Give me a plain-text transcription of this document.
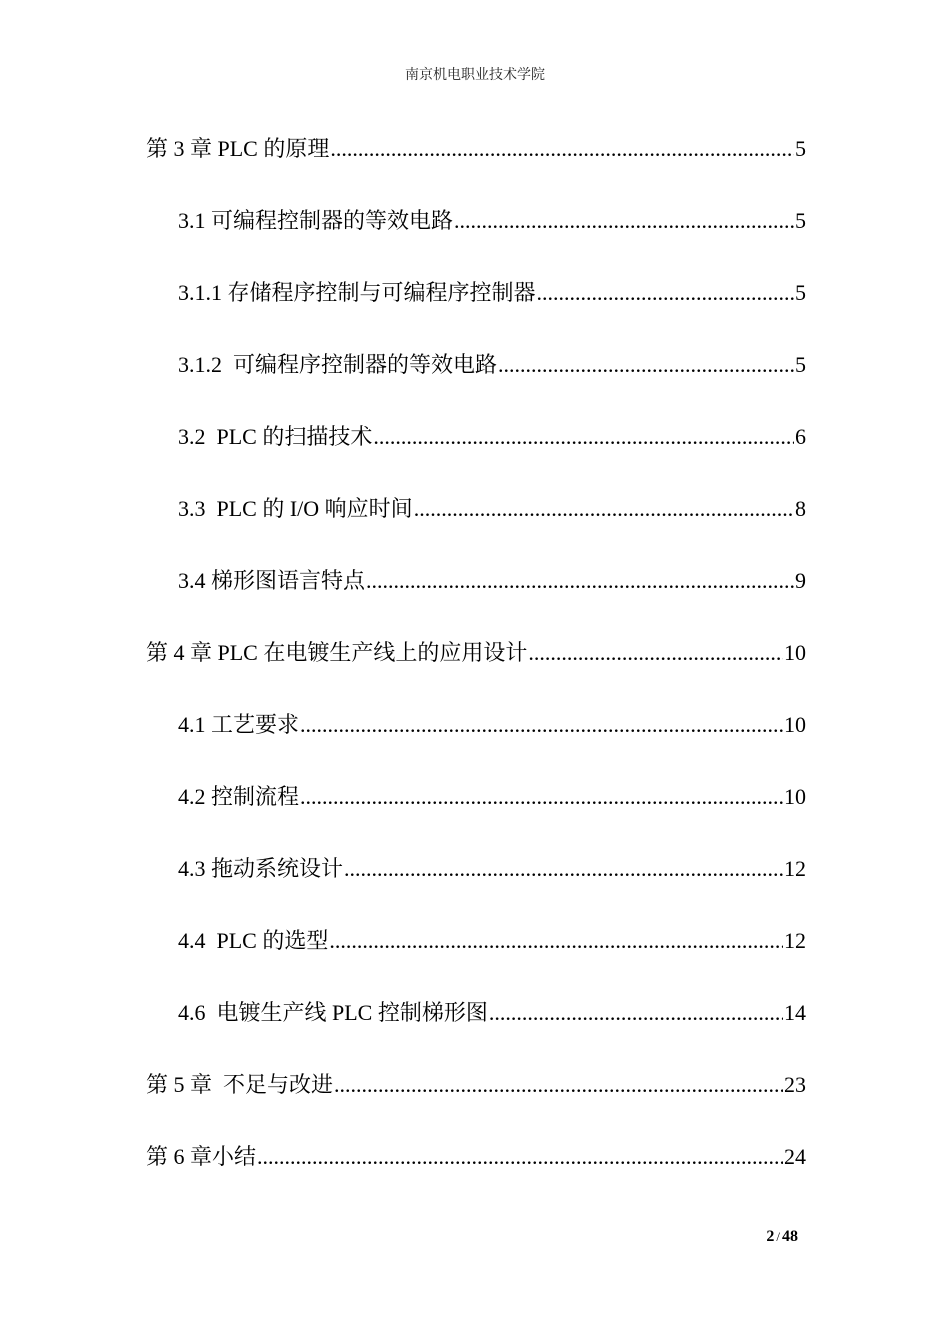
南京机电职业技术学院
第 3 章 PLC 的原理 .....	5
3.1 可编程控制器的等效电路 .....	5
3.1.1 存储程序控制与可编程序控制器 .....	5
3.1.2  可编程序控制器的等效电路 .....	5
3.2  PLC 的扫描技术 .....	6
3.3  PLC 的 I/O 响应时间 .....	8
3.4 梯形图语言特点 .....	9
第 4 章 PLC 在电镀生产线上的应用设计 .....	10
4.1 工艺要求 .....	10
4.2 控制流程 .....	10
4.3 拖动系统设计 .....	12
4.4  PLC 的选型 .....	12
4.6  电镀生产线 PLC 控制梯形图 .....	14
第 5 章  不足与改进 .....	23
第 6 章小结 .....	24
2 / 48
